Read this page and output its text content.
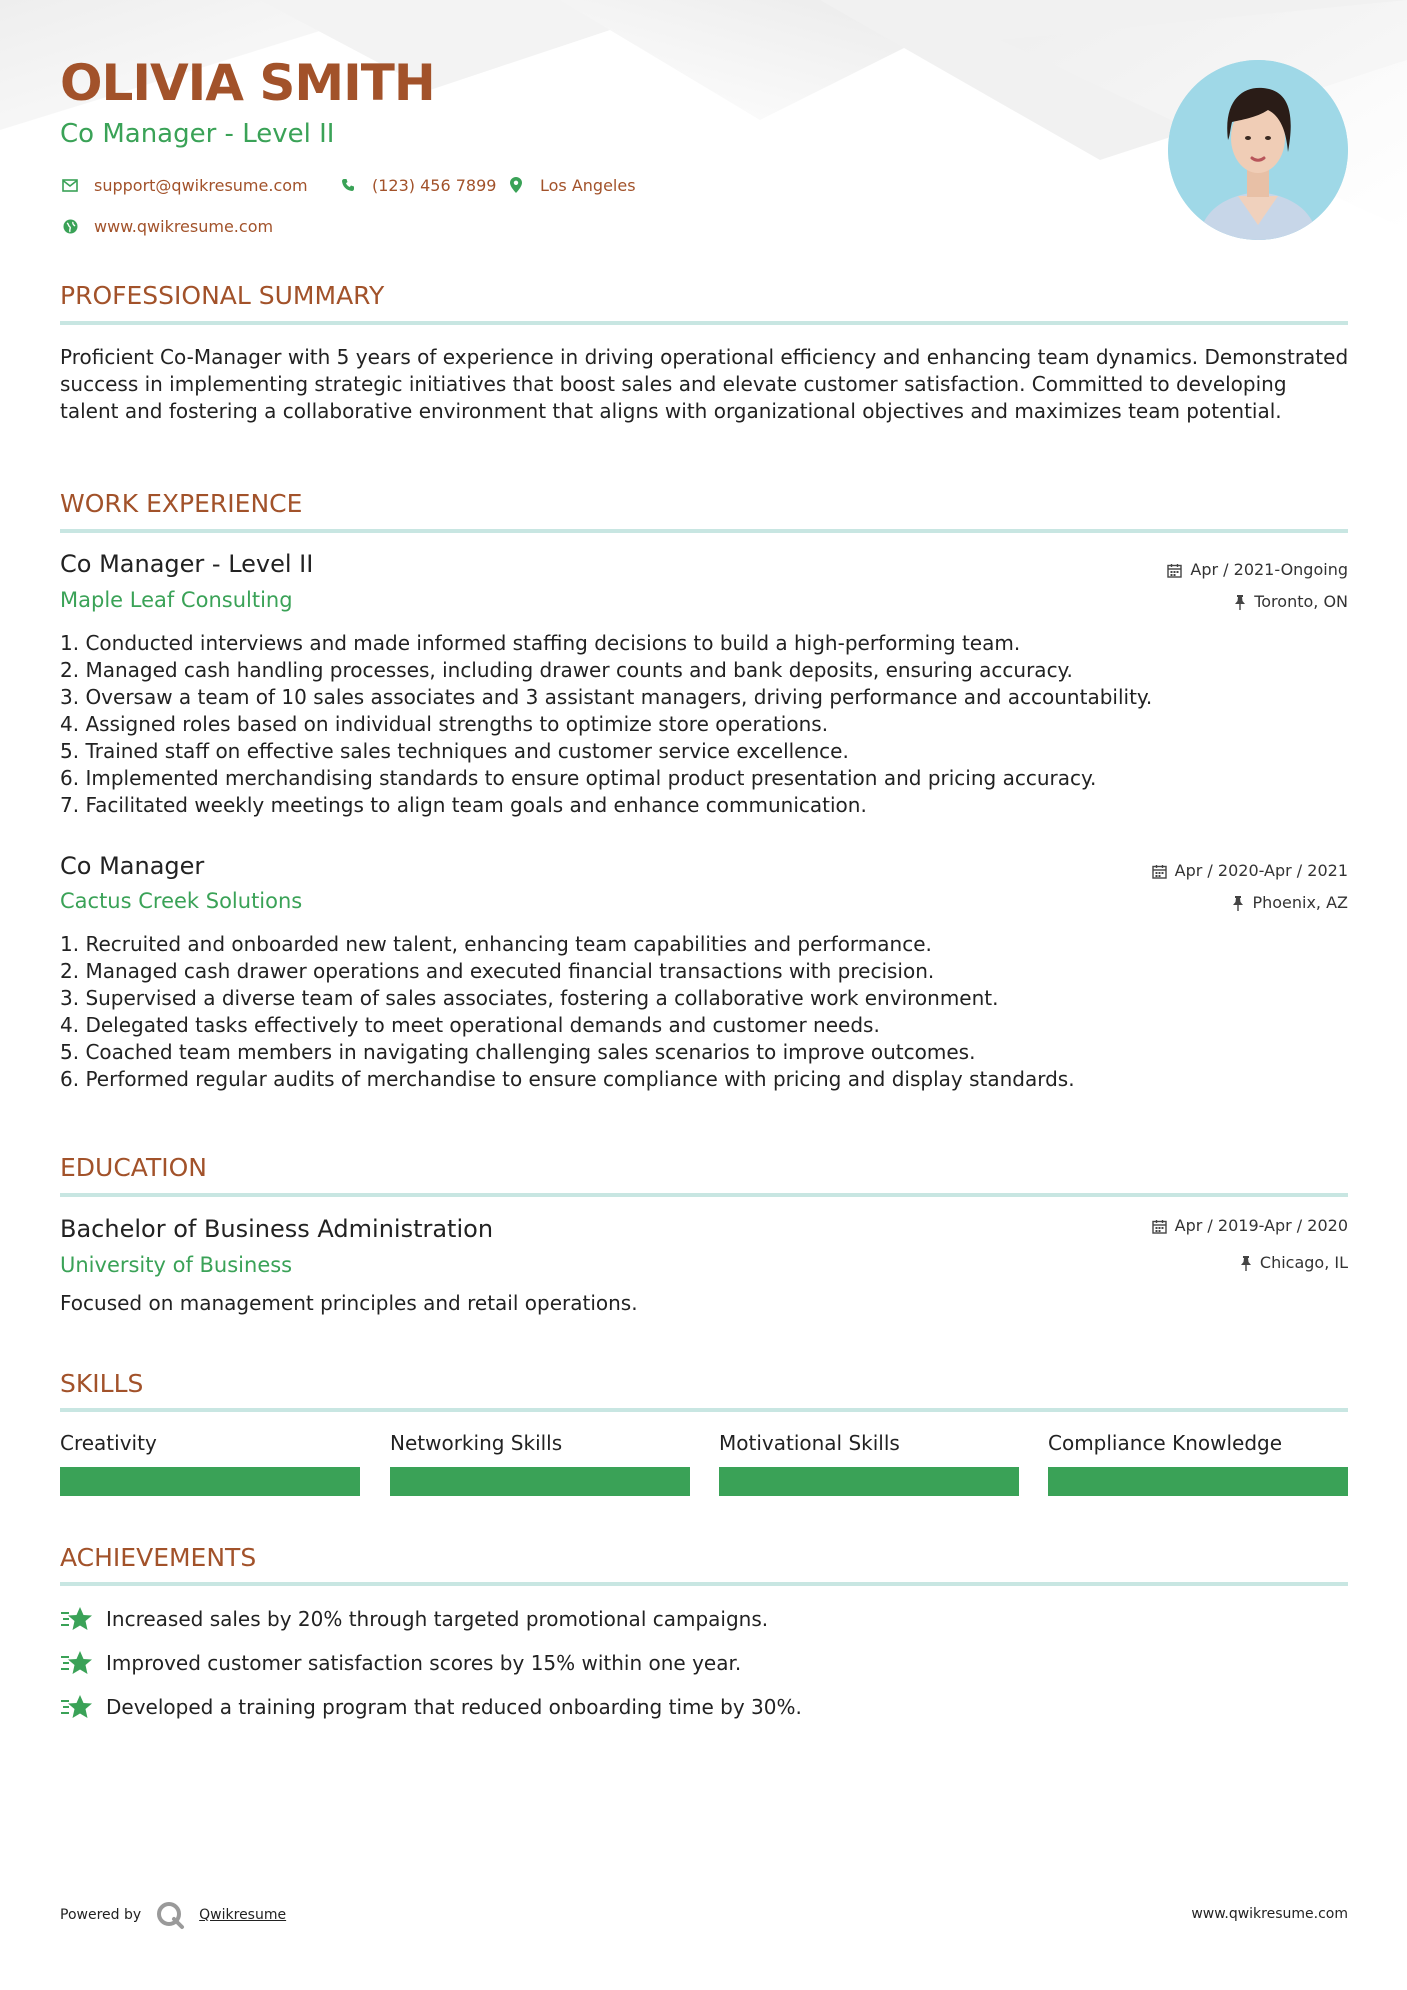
OLIVIA SMITH
Co Manager - Level II
support@qwikresume.com	(123) 456 7899	Los Angeles
www.qwikresume.com
PROFESSIONAL SUMMARY
Proficient Co-Manager with 5 years of experience in driving operational efficiency and enhancing team dynamics. Demonstrated success in implementing strategic initiatives that boost sales and elevate customer satisfaction. Committed to developing talent and fostering a collaborative environment that aligns with organizational objectives and maximizes team potential.
WORK EXPERIENCE
Co Manager - Level II
Maple Leaf Consulting
Apr / 2021-Ongoing
Toronto, ON
1. Conducted interviews and made informed staffing decisions to build a high-performing team.
2. Managed cash handling processes, including drawer counts and bank deposits, ensuring accuracy.
3. Oversaw a team of 10 sales associates and 3 assistant managers, driving performance and accountability.
4. Assigned roles based on individual strengths to optimize store operations.
5. Trained staff on effective sales techniques and customer service excellence.
6. Implemented merchandising standards to ensure optimal product presentation and pricing accuracy.
7. Facilitated weekly meetings to align team goals and enhance communication.
Co Manager
Cactus Creek Solutions
Apr / 2020-Apr / 2021
Phoenix, AZ
1. Recruited and onboarded new talent, enhancing team capabilities and performance.
2. Managed cash drawer operations and executed financial transactions with precision.
3. Supervised a diverse team of sales associates, fostering a collaborative work environment.
4. Delegated tasks effectively to meet operational demands and customer needs.
5. Coached team members in navigating challenging sales scenarios to improve outcomes.
6. Performed regular audits of merchandise to ensure compliance with pricing and display standards.
EDUCATION
Bachelor of Business Administration
University of Business
Apr / 2019-Apr / 2020
Chicago, IL
Focused on management principles and retail operations.
SKILLS
Creativity	Networking Skills	Motivational Skills	Compliance Knowledge
ACHIEVEMENTS
Increased sales by 20% through targeted promotional campaigns.
Improved customer satisfaction scores by 15% within one year.
Developed a training program that reduced onboarding time by 30%.
Powered by	Qwikresume	www.qwikresume.com
